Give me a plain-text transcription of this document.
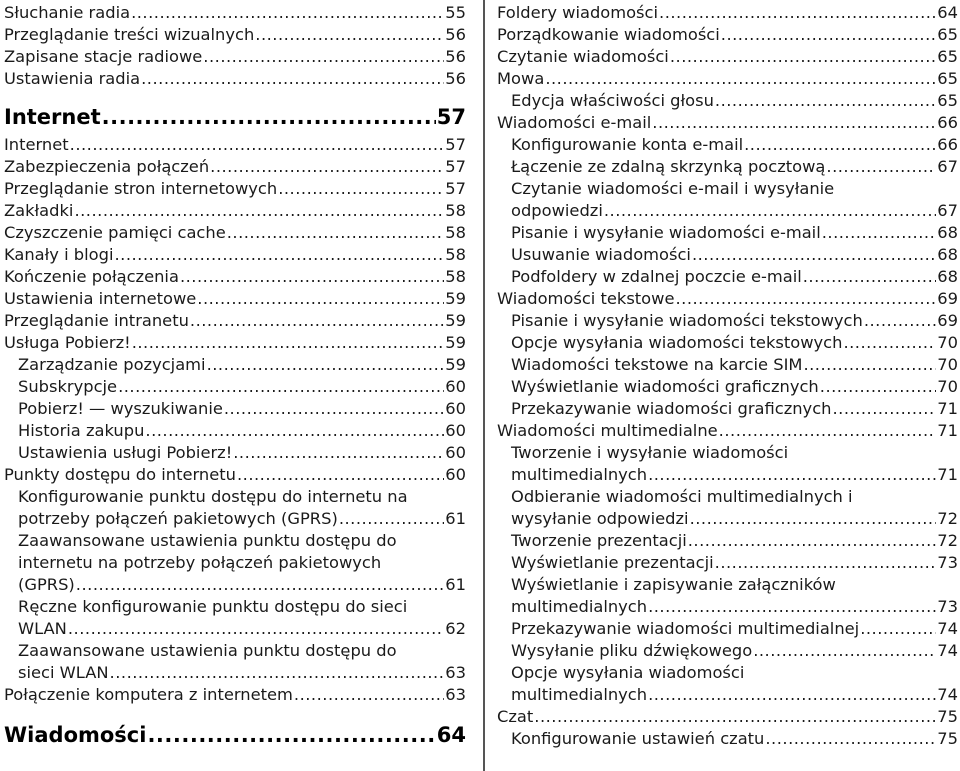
Słuchanie radia .....	55
Przeglądanie treści wizualnych .....	56
Zapisane stacje radiowe .....	56
Ustawienia radia .....	56
Internet .....	57
Internet .....	57
Zabezpieczenia połączeń .....	57
Przeglądanie stron internetowych .....	57
Zakładki .....	58
Czyszczenie pamięci cache .....	58
Kanały i blogi .....	58
Kończenie połączenia .....	58
Ustawienia internetowe .....	59
Przeglądanie intranetu .....	59
Usługa Pobierz! .....	59
Zarządzanie pozycjami .....	59
Subskrypcje .....	60
Pobierz! — wyszukiwanie .....	60
Historia zakupu .....	60
Ustawienia usługi Pobierz! .....	60
Punkty dostępu do internetu .....	60
Konfigurowanie punktu dostępu do internetu na
potrzeby połączeń pakietowych (GPRS) .....	61
Zaawansowane ustawienia punktu dostępu do
internetu na potrzeby połączeń pakietowych
(GPRS) .....	61
Ręczne konfigurowanie punktu dostępu do sieci
WLAN .....	62
Zaawansowane ustawienia punktu dostępu do
sieci WLAN .....	63
Połączenie komputera z internetem .....	63
Wiadomości .....	64
Foldery wiadomości .....	64
Porządkowanie wiadomości .....	65
Czytanie wiadomości .....	65
Mowa .....	65
Edycja właściwości głosu .....	65
Wiadomości e-mail .....	66
Konfigurowanie konta e-mail .....	66
Łączenie ze zdalną skrzynką pocztową .....	67
Czytanie wiadomości e-mail i wysyłanie
odpowiedzi .....	67
Pisanie i wysyłanie wiadomości e-mail .....	68
Usuwanie wiadomości .....	68
Podfoldery w zdalnej poczcie e-mail .....	68
Wiadomości tekstowe .....	69
Pisanie i wysyłanie wiadomości tekstowych .....	69
Opcje wysyłania wiadomości tekstowych .....	70
Wiadomości tekstowe na karcie SIM .....	70
Wyświetlanie wiadomości graficznych .....	70
Przekazywanie wiadomości graficznych .....	71
Wiadomości multimedialne .....	71
Tworzenie i wysyłanie wiadomości
multimedialnych .....	71
Odbieranie wiadomości multimedialnych i
wysyłanie odpowiedzi .....	72
Tworzenie prezentacji .....	72
Wyświetlanie prezentacji .....	73
Wyświetlanie i zapisywanie załączników
multimedialnych .....	73
Przekazywanie wiadomości multimedialnej .....	74
Wysyłanie pliku dźwiękowego .....	74
Opcje wysyłania wiadomości
multimedialnych .....	74
Czat .....	75
Konfigurowanie ustawień czatu .....	75
